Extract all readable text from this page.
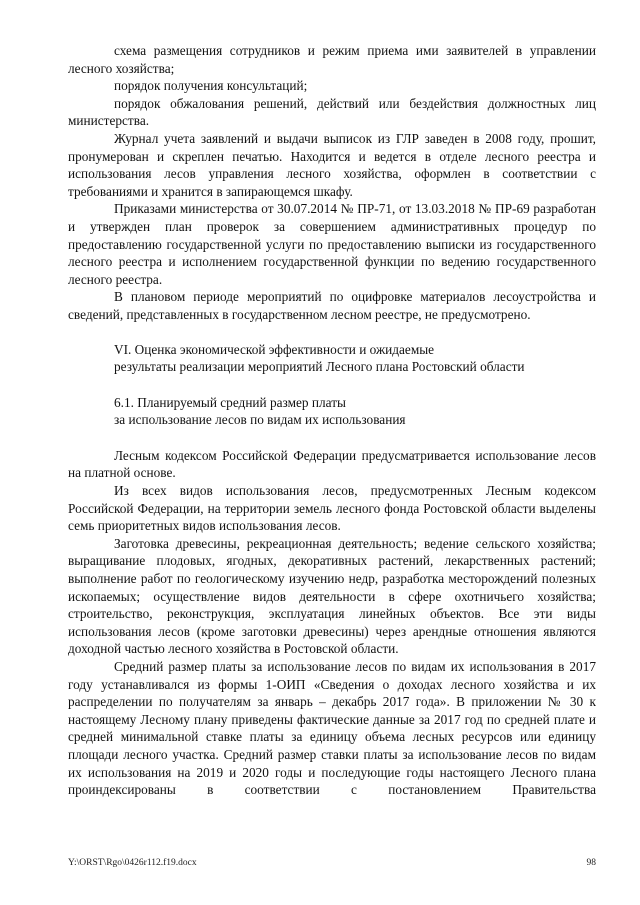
схема размещения сотрудников и режим приема ими заявителей в управлении лесного хозяйства;

порядок получения консультаций;

порядок обжалования решений, действий или бездействия должностных лиц министерства.

Журнал учета заявлений и выдачи выписок из ГЛР заведен в 2008 году, прошит, пронумерован и скреплен печатью. Находится и ведется в отделе лесного реестра и использования лесов управления лесного хозяйства, оформлен в соответствии с требованиями и хранится в запирающемся шкафу.

Приказами министерства от 30.07.2014 № ПР-71, от 13.03.2018 № ПР-69 разработан и утвержден план проверок за совершением административных процедур по предоставлению государственной услуги по предоставлению выписки из государственного лесного реестра и исполнением государственной функции по ведению государственного лесного реестра.

В плановом периоде мероприятий по оцифровке материалов лесоустройства и сведений, представленных в государственном лесном реестре, не предусмотрено.

VI. Оценка экономической эффективности и ожидаемые

результаты реализации мероприятий Лесного плана Ростовский области

6.1. Планируемый средний размер платы

за использование лесов по видам их использования

Лесным кодексом Российской Федерации предусматривается использование лесов на платной основе.

Из всех видов использования лесов, предусмотренных Лесным кодексом Российской Федерации, на территории земель лесного фонда Ростовской области выделены семь приоритетных видов использования лесов.

Заготовка древесины, рекреационная деятельность; ведение сельского хозяйства; выращивание плодовых, ягодных, декоративных растений, лекарственных растений; выполнение работ по геологическому изучению недр, разработка месторождений полезных ископаемых; осуществление видов деятельности в сфере охотничьего хозяйства; строительство, реконструкция, эксплуатация линейных объектов. Все эти виды использования лесов (кроме заготовки древесины) через арендные отношения являются доходной частью лесного хозяйства в Ростовской области.

Средний размер платы за использование лесов по видам их использования в 2017 году устанавливался из формы 1-ОИП «Сведения о доходах лесного хозяйства и их распределении по получателям за январь – декабрь 2017 года». В приложении № 30 к настоящему Лесному плану приведены фактические данные за 2017 год по средней плате и средней минимальной ставке платы за единицу объема лесных ресурсов или единицу площади лесного участка. Средний размер ставки платы за использование лесов по видам их использования на 2019 и 2020 годы и последующие годы настоящего Лесного плана проиндексированы в соответствии с постановлением Правительства

Y:\ORST\Rgo\0426r112.f19.docx	98
